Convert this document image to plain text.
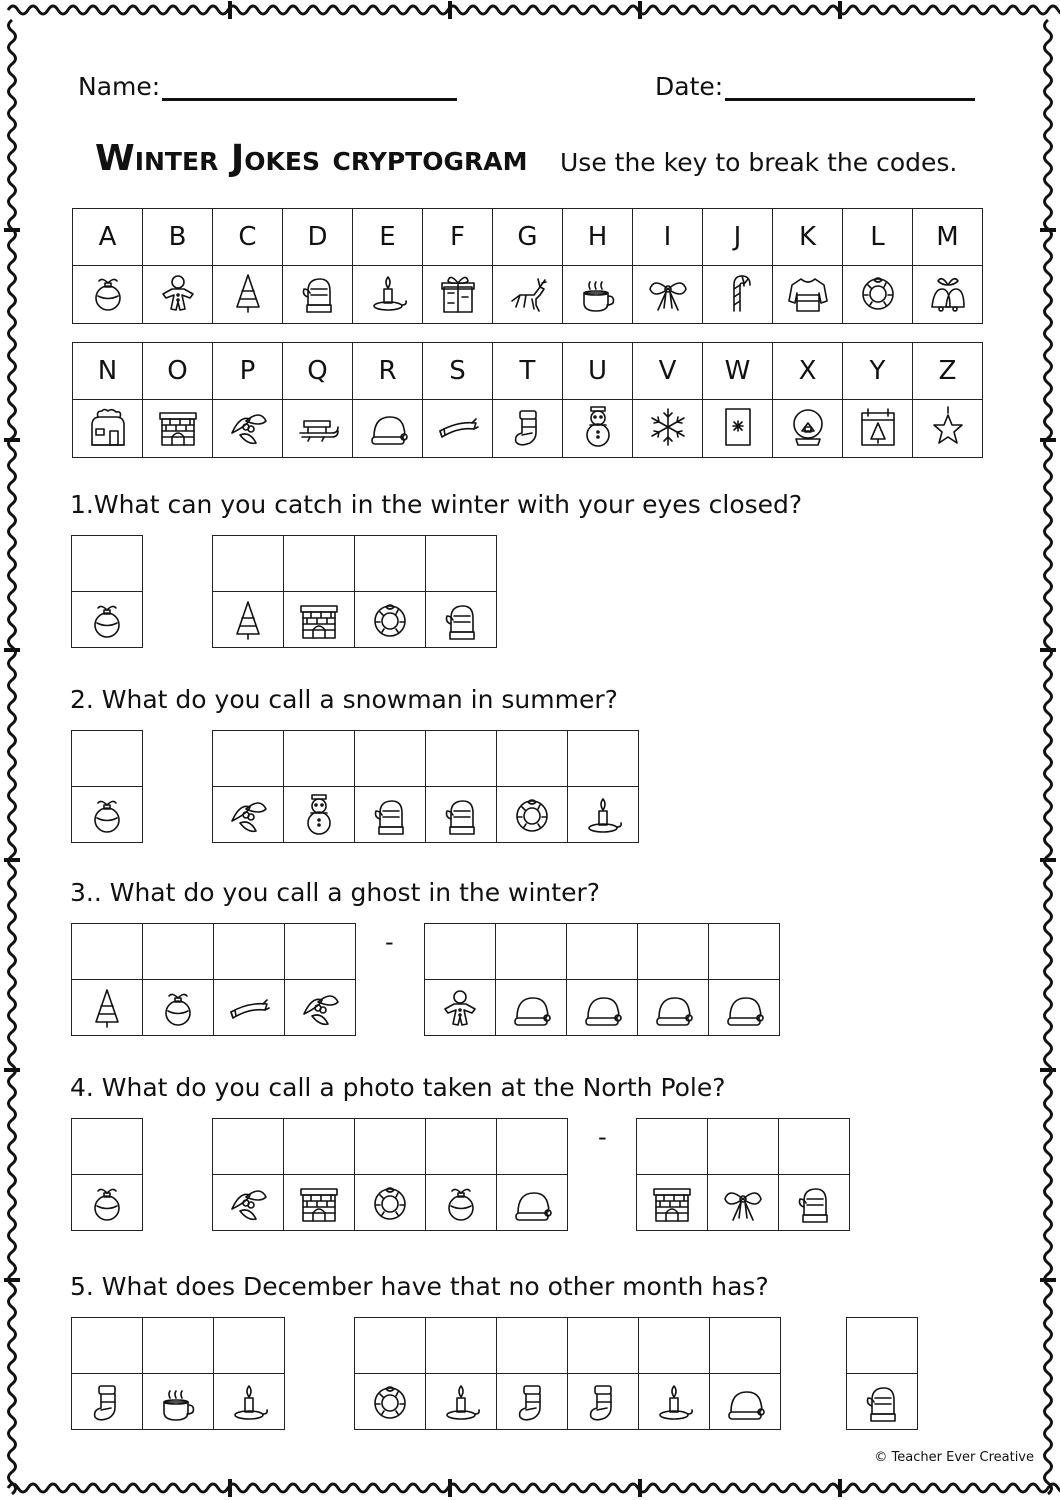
Name:	Date:
Winter Jokes cryptogram Use the key to break the codes.
A	B	C	D	E	F	G	H	I	J	K	L	M

N	O	P	Q	R	S	T	U	V	W	X	Y	Z

1.What can you catch in the winter with your eyes closed?
2. What do you call a snowman in summer?
3.. What do you call a ghost in the winter?
-
4. What do you call a photo taken at the North Pole?
-
5. What does December have that no other month has?
© Teacher Ever Creative
